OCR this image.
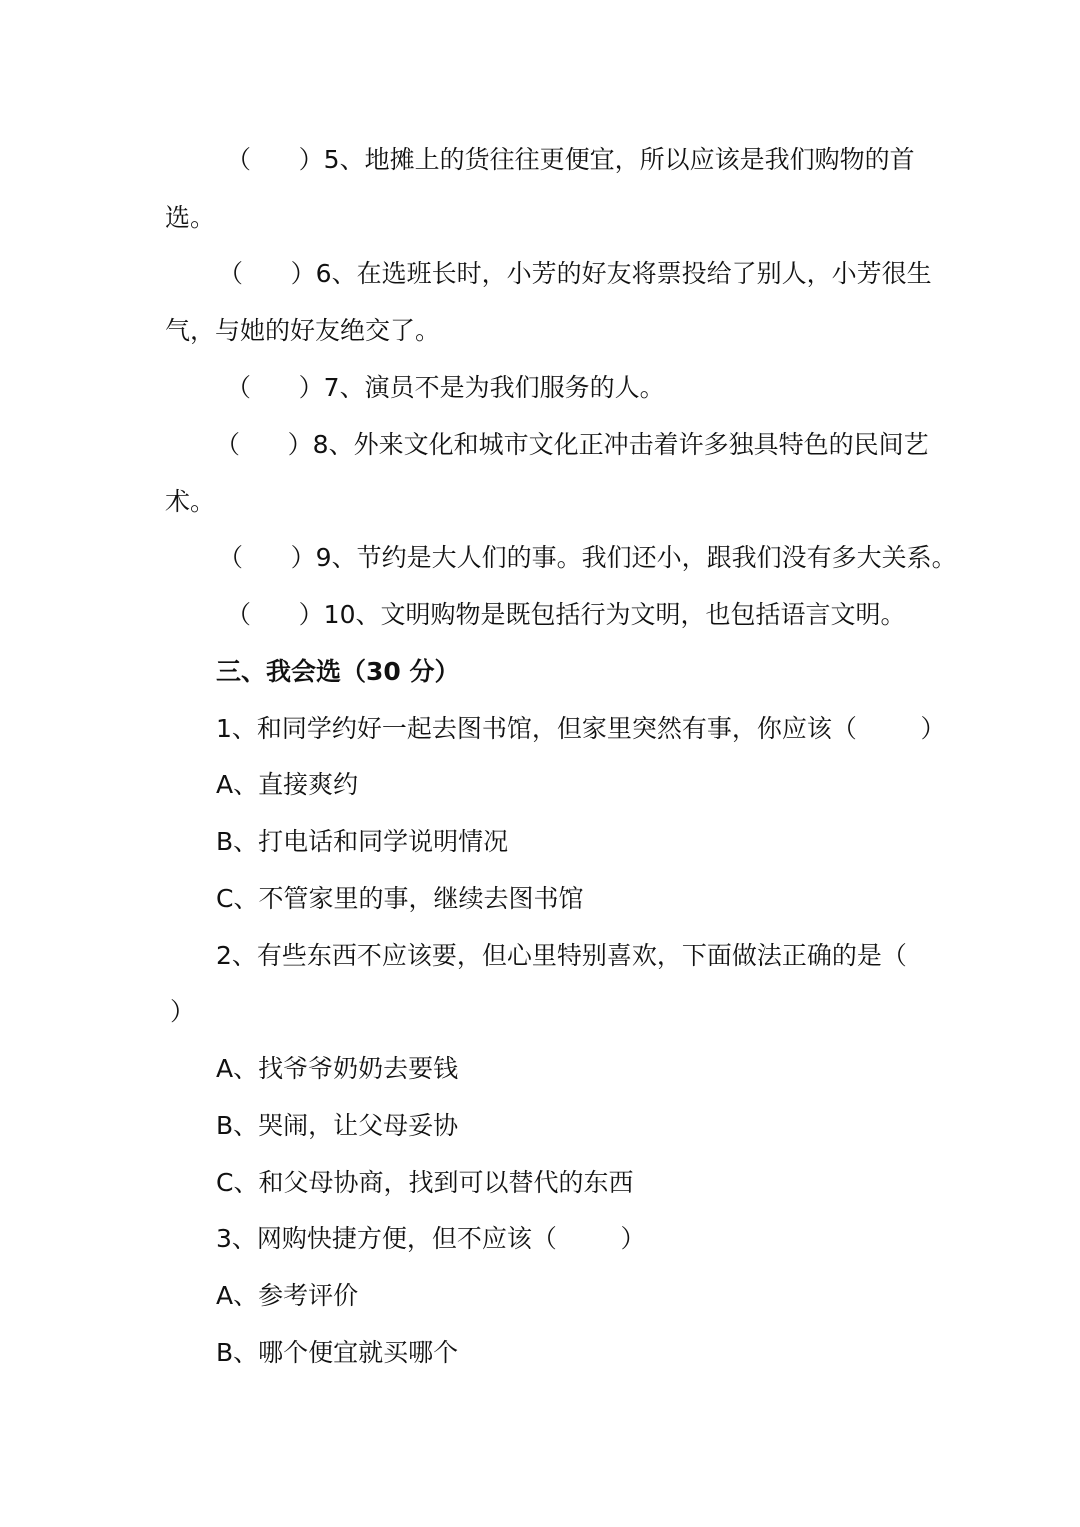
（      ）5、地摊上的货往往更便宜，所以应该是我们购物的首
选。
（      ）6、在选班长时，小芳的好友将票投给了别人，小芳很生
气，与她的好友绝交了。
（      ）7、演员不是为我们服务的人。
（      ）8、外来文化和城市文化正冲击着许多独具特色的民间艺
术。
（      ）9、节约是大人们的事。我们还小，跟我们没有多大关系。
（      ）10、文明购物是既包括行为文明，也包括语言文明。
三、我会选（30 分）
1、和同学约好一起去图书馆，但家里突然有事，你应该（        ）
A、直接爽约
B、打电话和同学说明情况
C、不管家里的事，继续去图书馆
2、有些东西不应该要，但心里特别喜欢，下面做法正确的是（
）
A、找爷爷奶奶去要钱
B、哭闹，让父母妥协
C、和父母协商，找到可以替代的东西
3、网购快捷方便，但不应该（        ）
A、参考评价
B、哪个便宜就买哪个
